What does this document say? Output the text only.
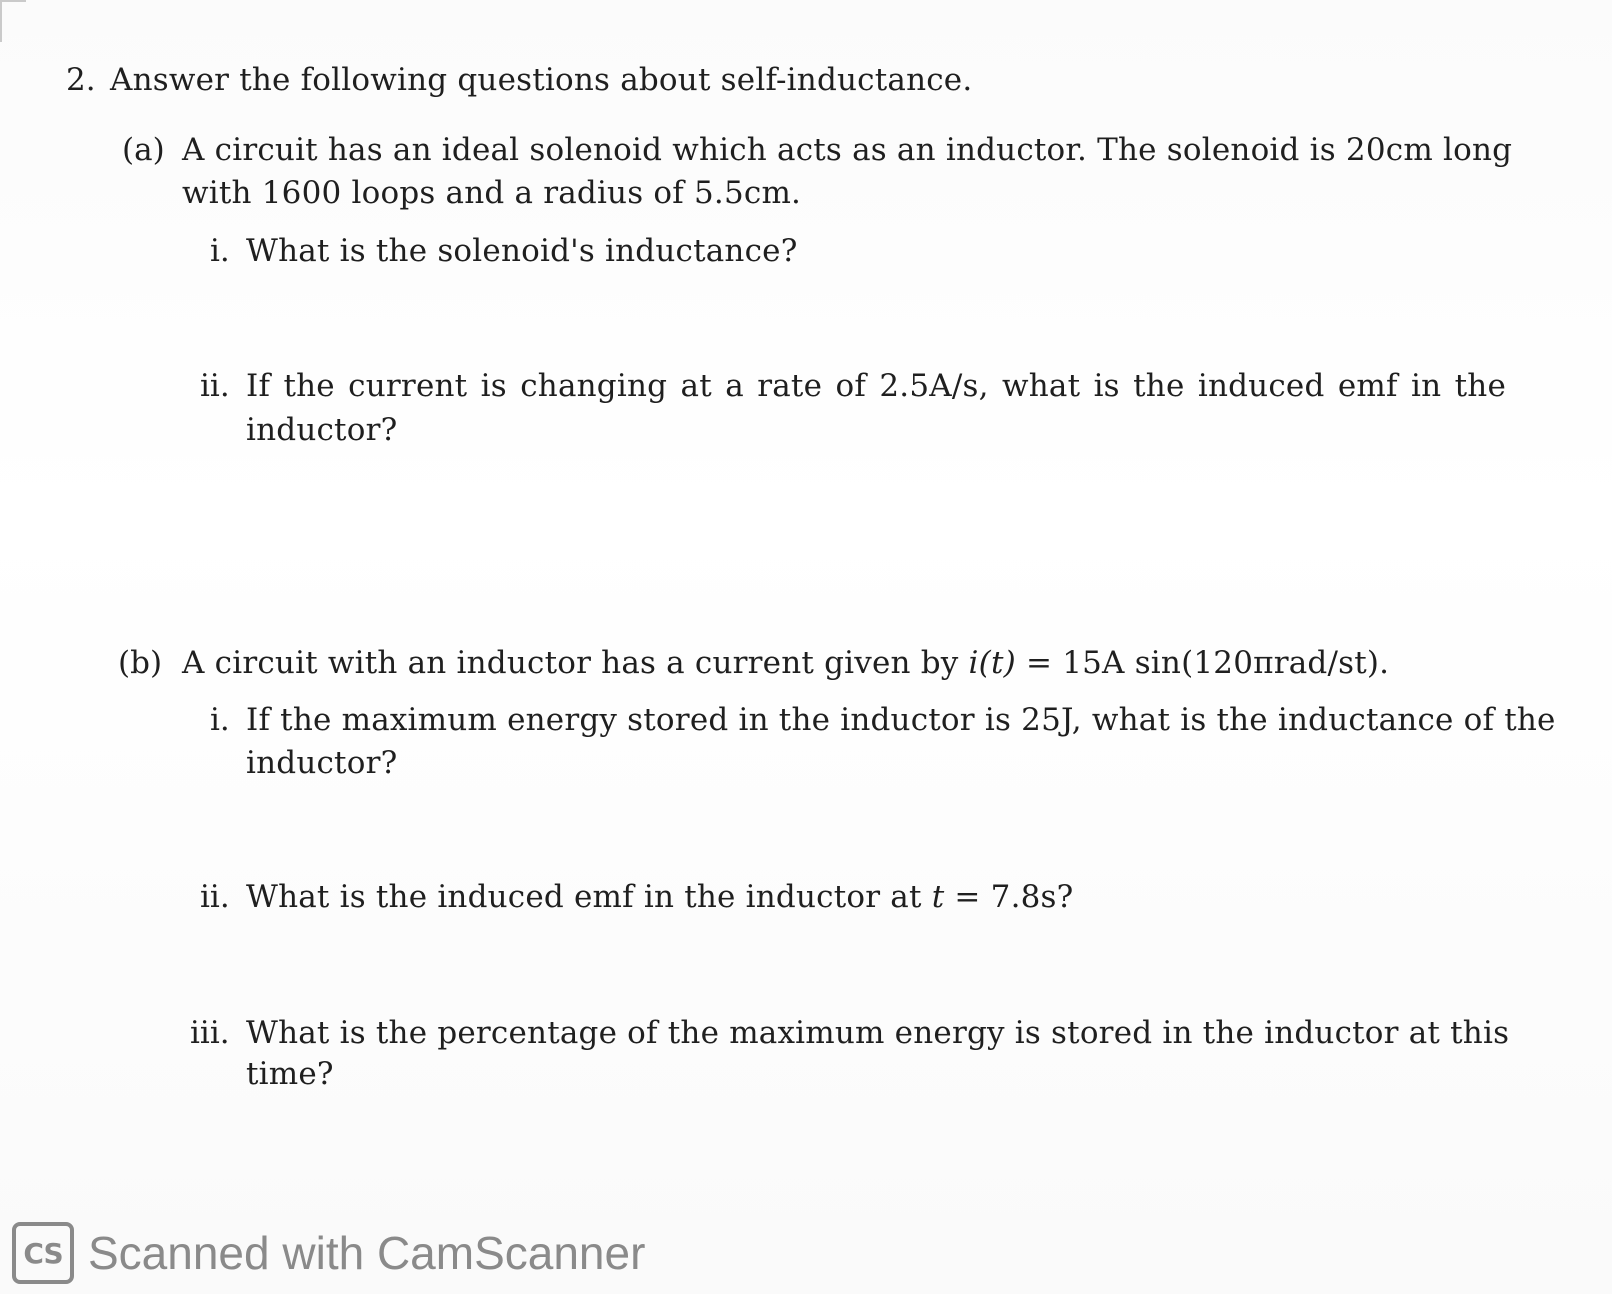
2. Answer the following questions about self-inductance.
(a) A circuit has an ideal solenoid which acts as an inductor. The solenoid is 20cm long
with 1600 loops and a radius of 5.5cm.
i. What is the solenoid's inductance?
ii. If the current is changing at a rate of 2.5A/s, what is the induced emf in the
inductor?
(b) A circuit with an inductor has a current given by i(t) = 15A sin(120πrad/st).
i. If the maximum energy stored in the inductor is 25J, what is the inductance of the
inductor?
ii. What is the induced emf in the inductor at t = 7.8s?
iii. What is the percentage of the maximum energy is stored in the inductor at this
time?
CS Scanned with CamScanner
